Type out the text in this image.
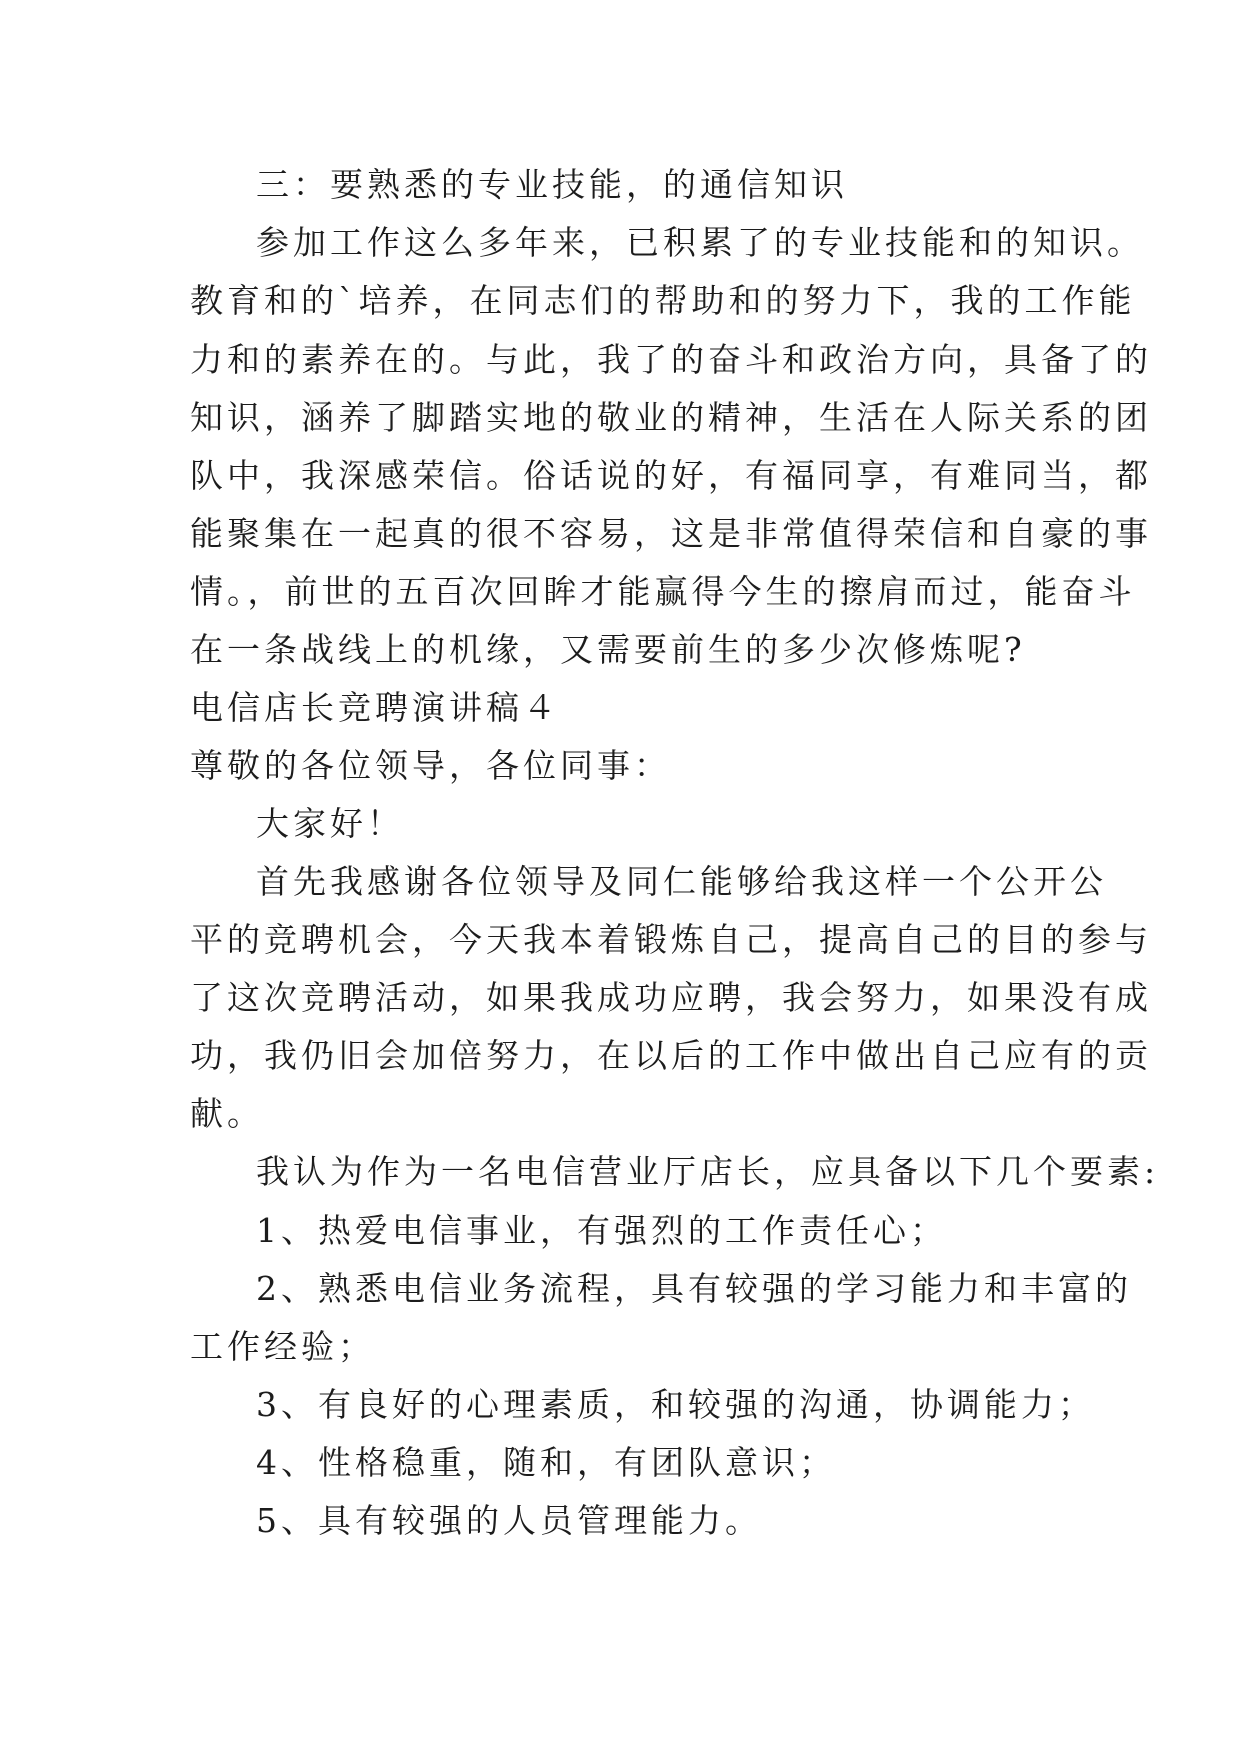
三：要熟悉的专业技能，的通信知识

参加工作这么多年来，已积累了的专业技能和的知识。

教育和的`培养，在同志们的帮助和的努力下，我的工作能

力和的素养在的。与此，我了的奋斗和政治方向，具备了的

知识，涵养了脚踏实地的敬业的精神，生活在人际关系的团

队中，我深感荣信。俗话说的好，有福同享，有难同当，都

能聚集在一起真的很不容易，这是非常值得荣信和自豪的事

情。，前世的五百次回眸才能赢得今生的擦肩而过，能奋斗

在一条战线上的机缘，又需要前生的多少次修炼呢?

电信店长竞聘演讲稿４

尊敬的各位领导，各位同事：

大家好！

首先我感谢各位领导及同仁能够给我这样一个公开公

平的竞聘机会，今天我本着锻炼自己，提高自己的目的参与

了这次竞聘活动，如果我成功应聘，我会努力，如果没有成

功，我仍旧会加倍努力，在以后的工作中做出自己应有的贡

献。

我认为作为一名电信营业厅店长，应具备以下几个要素:

1、热爱电信事业，有强烈的工作责任心；

2、熟悉电信业务流程，具有较强的学习能力和丰富的

工作经验；

3、有良好的心理素质，和较强的沟通，协调能力；

4、性格稳重，随和，有团队意识；

5、具有较强的人员管理能力。
